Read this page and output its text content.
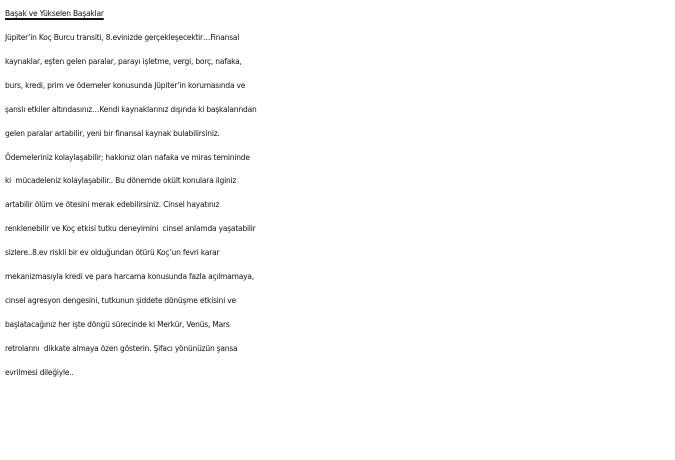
Başak ve Yükselen Başaklar
Jüpiter’in Koç Burcu transiti, 8.evinizde gerçekleşecektir…Finansal
kaynaklar, eşten gelen paralar, parayı işletme, vergi, borç, nafaka,
burs, kredi, prim ve ödemeler konusunda Jüpiter’in korumasında ve
şanslı etkiler altındasınız…Kendi kaynaklarınız dışında ki başkalarından
gelen paralar artabilir, yeni bir finansal kaynak bulabilirsiniz.
Ödemeleriniz kolaylaşabilir; hakkınız olan nafaka ve miras temininde
ki  mücadeleniz kolaylaşabilir.. Bu dönemde okült konulara ilginiz
artabilir ölüm ve ötesini merak edebilirsiniz. Cinsel hayatınız
renklenebilir ve Koç etkisi tutku deneyimini  cinsel anlamda yaşatabilir
sizlere..8.ev riskli bir ev olduğundan ötürü Koç’un fevri karar
mekanizmasıyla kredi ve para harcama konusunda fazla açılmamaya,
cinsel agresyon dengesini, tutkunun şiddete dönüşme etkisini ve
başlatacağınız her işte döngü sürecinde ki Merkür, Venüs, Mars
retrolarını  dikkate almaya özen gösterin. Şifacı yönünüzün şansa
evrilmesi dileğiyle..
